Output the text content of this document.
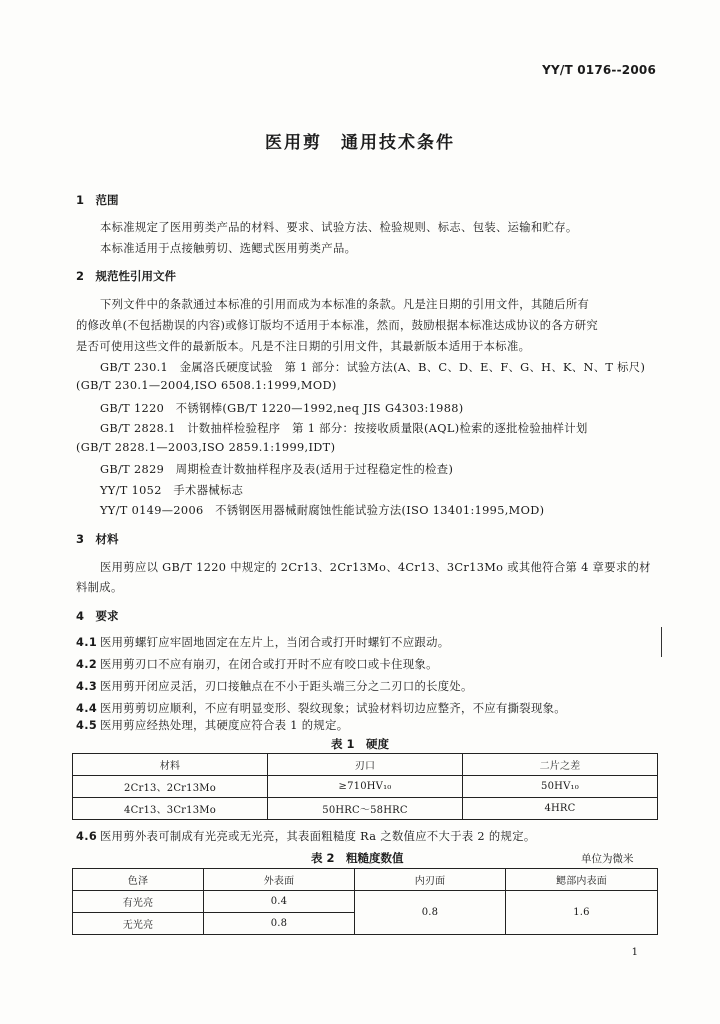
YY/T 0176--2006
医用剪　通用技术条件
1　范围
本标准规定了医用剪类产品的材料、要求、试验方法、检验规则、标志、包装、运输和贮存。
本标准适用于点接触剪切、选鳃式医用剪类产品。
2　规范性引用文件
下列文件中的条款通过本标准的引用而成为本标准的条款。凡是注日期的引用文件，其随后所有
的修改单(不包括勘误的内容)或修订版均不适用于本标准，然而，鼓励根据本标准达成协议的各方研究
是否可使用这些文件的最新版本。凡是不注日期的引用文件，其最新版本适用于本标准。
GB/T 230.1　金属洛氏硬度试验　第 1 部分：试验方法(A、B、C、D、E、F、G、H、K、N、T 标尺)
(GB/T 230.1—2004,ISO 6508.1:1999,MOD)
GB/T 1220　不锈钢棒(GB/T 1220—1992,neq JIS G4303:1988)
GB/T 2828.1　计数抽样检验程序　第 1 部分：按接收质量限(AQL)检索的逐批检验抽样计划
(GB/T 2828.1—2003,ISO 2859.1:1999,IDT)
GB/T 2829　周期检查计数抽样程序及表(适用于过程稳定性的检查)
YY/T 1052　手术器械标志
YY/T 0149—2006　不锈钢医用器械耐腐蚀性能试验方法(ISO 13401:1995,MOD)
3　材料
医用剪应以 GB/T 1220 中规定的 2Cr13、2Cr13Mo、4Cr13、3Cr13Mo 或其他符合第 4 章要求的材
料制成。
4　要求
4.1 医用剪螺钉应牢固地固定在左片上，当闭合或打开时螺钉不应跟动。
4.2 医用剪刃口不应有崩刃，在闭合或打开时不应有咬口或卡住现象。
4.3 医用剪开闭应灵活，刃口接触点在不小于距头端三分之二刃口的长度处。
4.4 医用剪剪切应顺利，不应有明显变形、裂纹现象；试验材料切边应整齐，不应有撕裂现象。
4.5 医用剪应经热处理，其硬度应符合表 1 的规定。
表 1　硬度
材料	刃口	二片之差
2Cr13、2Cr13Mo	≥710HV₁₀	50HV₁₀
4Cr13、3Cr13Mo	50HRC～58HRC	4HRC
4.6 医用剪外表可制成有光亮或无光亮，其表面粗糙度 Ra 之数值应不大于表 2 的规定。
表 2　粗糙度数值	单位为微米
色泽	外表面	内刃面	鳃部内表面
有光亮	0.4	0.8	1.6
无光亮	0.8		
1
